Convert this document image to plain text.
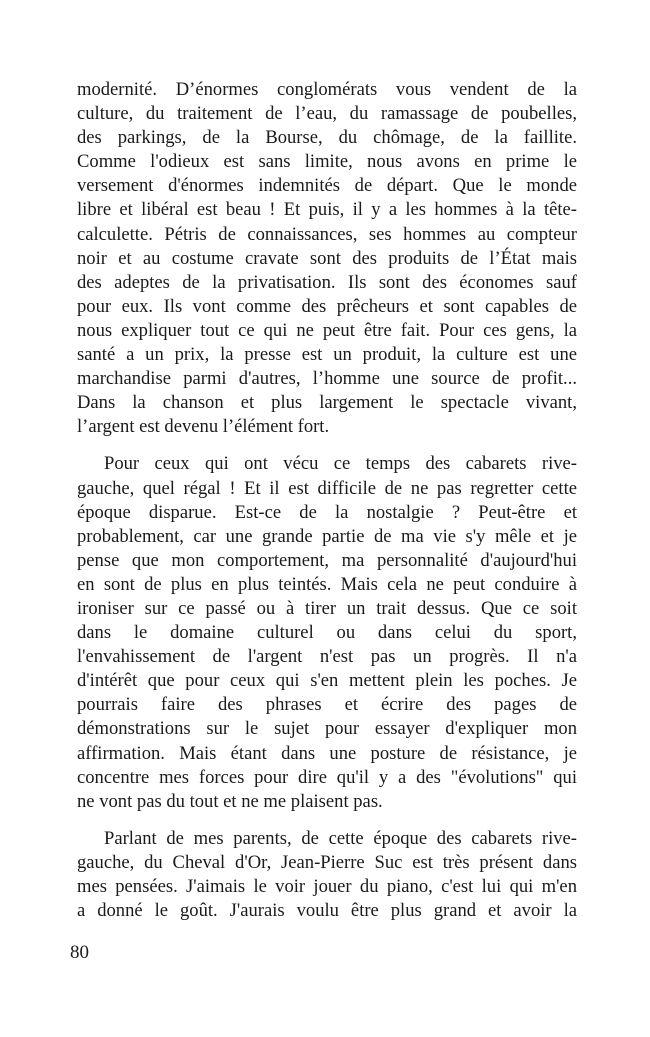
modernité. D’énormes conglomérats vous vendent de la
culture, du traitement de l’eau, du ramassage de poubelles,
des parkings, de la Bourse, du chômage, de la faillite.
Comme l'odieux est sans limite, nous avons en prime le
versement d'énormes indemnités de départ. Que le monde
libre et libéral est beau ! Et puis, il y a les hommes à la tête-
calculette. Pétris de connaissances, ses hommes au compteur
noir et au costume cravate sont des produits de l’État mais
des adeptes de la privatisation. Ils sont des économes sauf
pour eux. Ils vont comme des prêcheurs et sont capables de
nous expliquer tout ce qui ne peut être fait. Pour ces gens, la
santé a un prix, la presse est un produit, la culture est une
marchandise parmi d'autres, l’homme une source de profit...
Dans la chanson et plus largement le spectacle vivant,
l’argent est devenu l’élément fort.

Pour ceux qui ont vécu ce temps des cabarets rive-
gauche, quel régal ! Et il est difficile de ne pas regretter cette
époque disparue. Est-ce de la nostalgie ? Peut-être et
probablement, car une grande partie de ma vie s'y mêle et je
pense que mon comportement, ma personnalité d'aujourd'hui
en sont de plus en plus teintés. Mais cela ne peut conduire à
ironiser sur ce passé ou à tirer un trait dessus. Que ce soit
dans le domaine culturel ou dans celui du sport,
l'envahissement de l'argent n'est pas un progrès. Il n'a
d'intérêt que pour ceux qui s'en mettent plein les poches. Je
pourrais faire des phrases et écrire des pages de
démonstrations sur le sujet pour essayer d'expliquer mon
affirmation. Mais étant dans une posture de résistance, je
concentre mes forces pour dire qu'il y a des "évolutions" qui
ne vont pas du tout et ne me plaisent pas.

Parlant de mes parents, de cette époque des cabarets rive-
gauche, du Cheval d'Or, Jean-Pierre Suc est très présent dans
mes pensées. J'aimais le voir jouer du piano, c'est lui qui m'en
a donné le goût. J'aurais voulu être plus grand et avoir la

80
